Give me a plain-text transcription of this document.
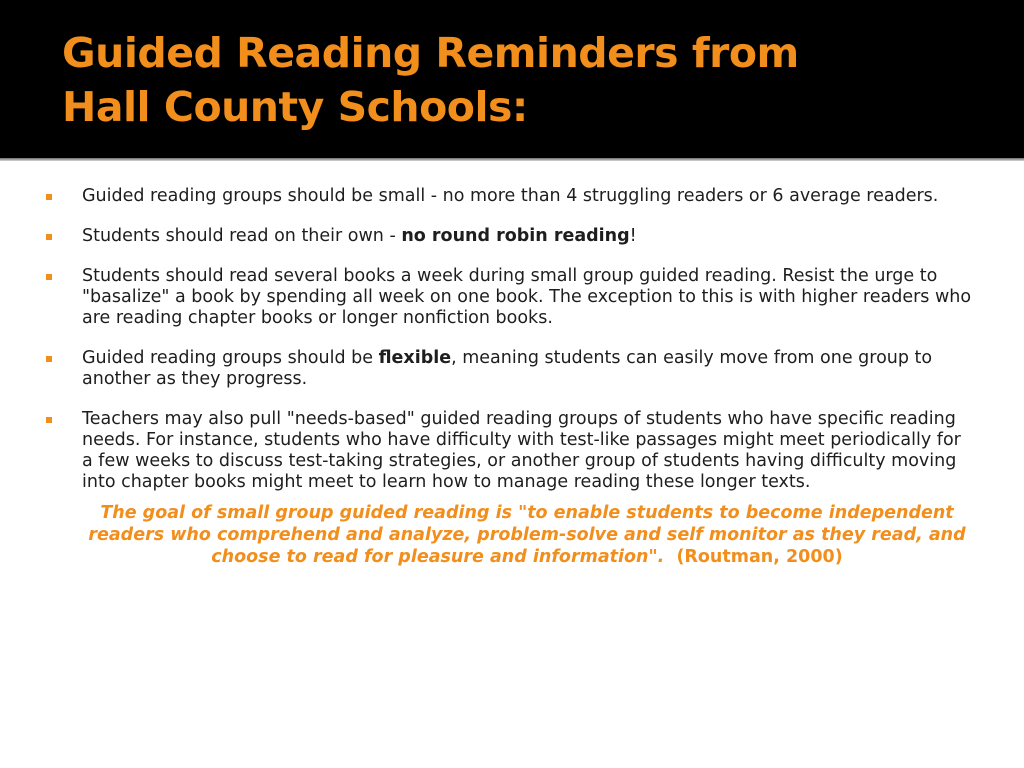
Guided Reading Reminders from
Hall County Schools:
Guided reading groups should be small - no more than 4 struggling readers or 6 average readers.
Students should read on their own - no round robin reading!
Students should read several books a week during small group guided reading. Resist the urge to "basalize" a book by spending all week on one book. The exception to this is with higher readers who are reading chapter books or longer nonfiction books.
Guided reading groups should be flexible, meaning students can easily move from one group to another as they progress.
Teachers may also pull "needs-based" guided reading groups of students who have specific reading needs. For instance, students who have difficulty with test-like passages might meet periodically for a few weeks to discuss test-taking strategies, or another group of students having difficulty moving into chapter books might meet to learn how to manage reading these longer texts.

The goal of small group guided reading is "to enable students to become independent readers who comprehend and analyze, problem-solve and self monitor as they read, and choose to read for pleasure and information". (Routman, 2000)
